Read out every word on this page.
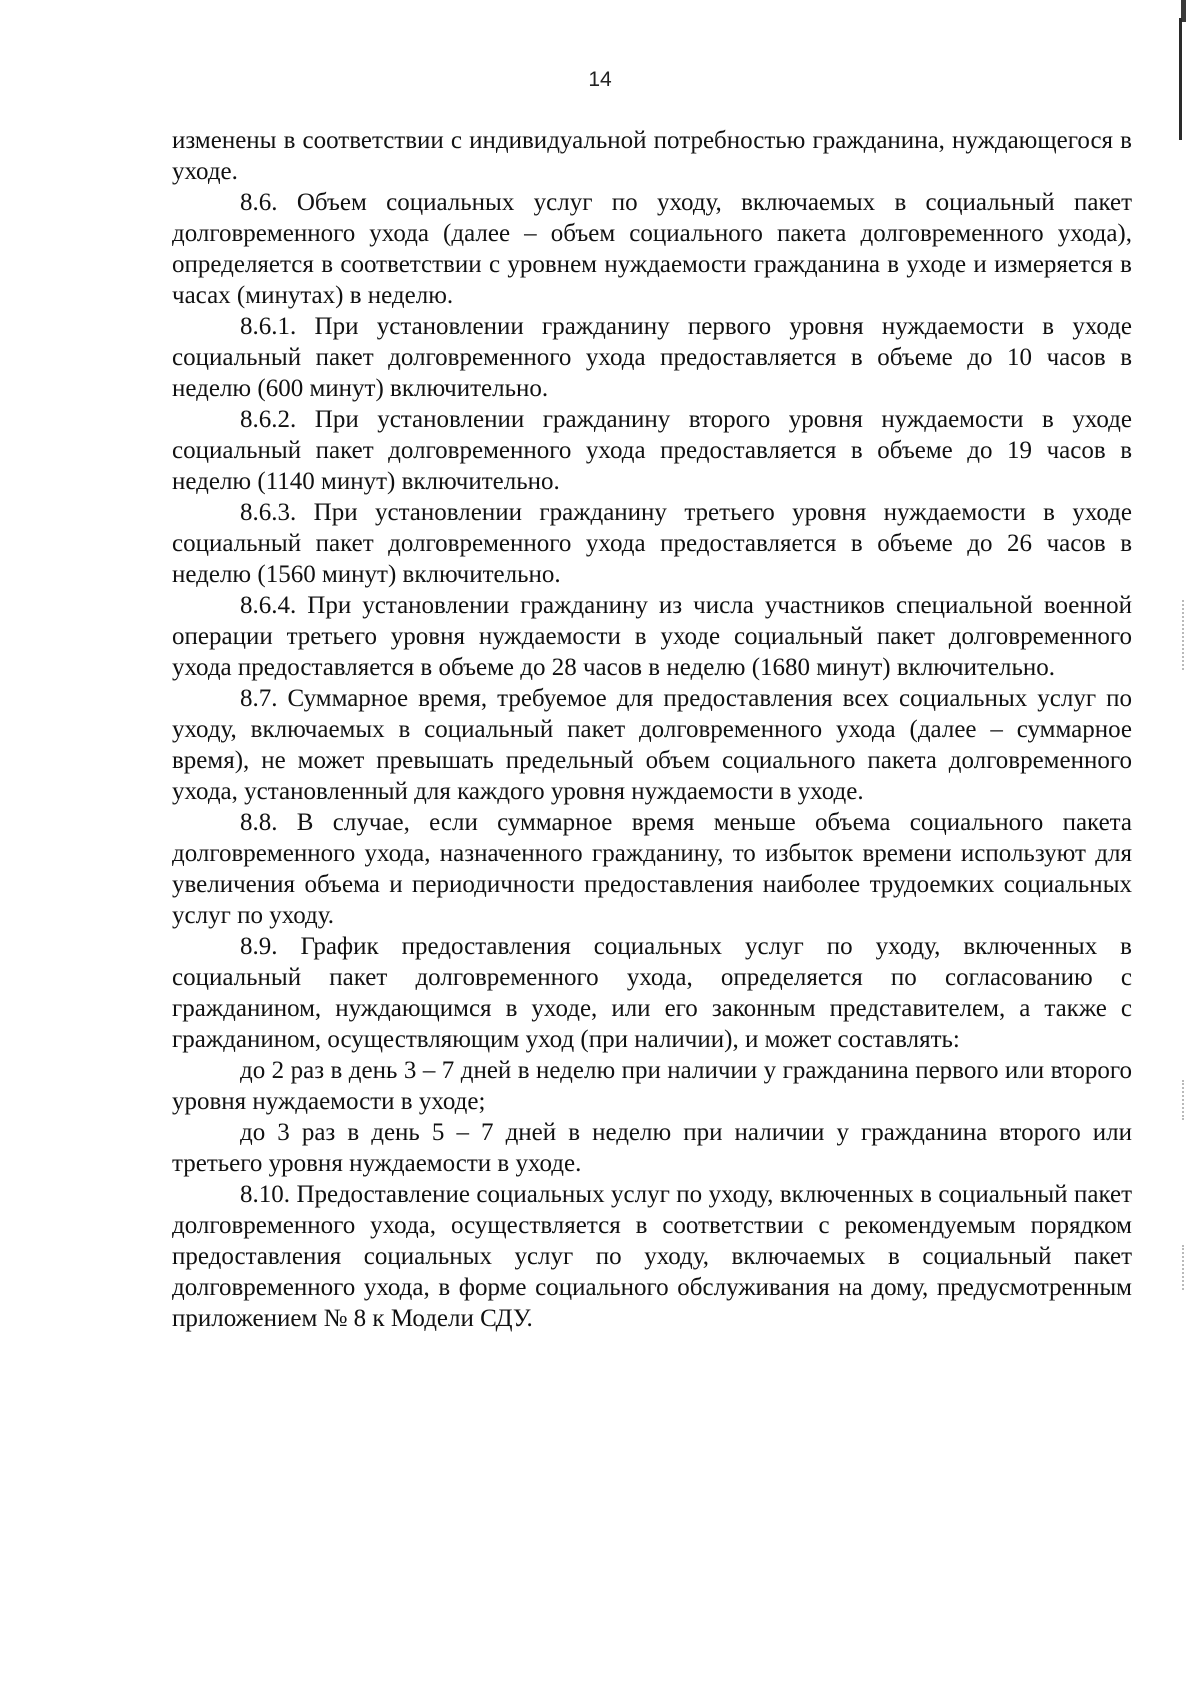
14

изменены в соответствии с индивидуальной потребностью гражданина, нуждающегося в уходе.

8.6. Объем социальных услуг по уходу, включаемых в социальный пакет долговременного ухода (далее – объем социального пакета долговременного ухода), определяется в соответствии с уровнем нуждаемости гражданина в уходе и измеряется в часах (минутах) в неделю.

8.6.1. При установлении гражданину первого уровня нуждаемости в уходе социальный пакет долговременного ухода предоставляется в объеме до 10 часов в неделю (600 минут) включительно.

8.6.2. При установлении гражданину второго уровня нуждаемости в уходе социальный пакет долговременного ухода предоставляется в объеме до 19 часов в неделю (1140 минут) включительно.

8.6.3. При установлении гражданину третьего уровня нуждаемости в уходе социальный пакет долговременного ухода предоставляется в объеме до 26 часов в неделю (1560 минут) включительно.

8.6.4. При установлении гражданину из числа участников специальной военной операции третьего уровня нуждаемости в уходе социальный пакет долговременного ухода предоставляется в объеме до 28 часов в неделю (1680 минут) включительно.

8.7. Суммарное время, требуемое для предоставления всех социальных услуг по уходу, включаемых в социальный пакет долговременного ухода (далее – суммарное время), не может превышать предельный объем социального пакета долговременного ухода, установленный для каждого уровня нуждаемости в уходе.

8.8. В случае, если суммарное время меньше объема социального пакета долговременного ухода, назначенного гражданину, то избыток времени используют для увеличения объема и периодичности предоставления наиболее трудоемких социальных услуг по уходу.

8.9. График предоставления социальных услуг по уходу, включенных в социальный пакет долговременного ухода, определяется по согласованию с гражданином, нуждающимся в уходе, или его законным представителем, а также с гражданином, осуществляющим уход (при наличии), и может составлять:

до 2 раз в день 3 – 7 дней в неделю при наличии у гражданина первого или второго уровня нуждаемости в уходе;

до 3 раз в день 5 – 7 дней в неделю при наличии у гражданина второго или третьего уровня нуждаемости в уходе.

8.10. Предоставление социальных услуг по уходу, включенных в социальный пакет долговременного ухода, осуществляется в соответствии с рекомендуемым порядком предоставления социальных услуг по уходу, включаемых в социальный пакет долговременного ухода, в форме социального обслуживания на дому, предусмотренным приложением № 8 к Модели СДУ.
